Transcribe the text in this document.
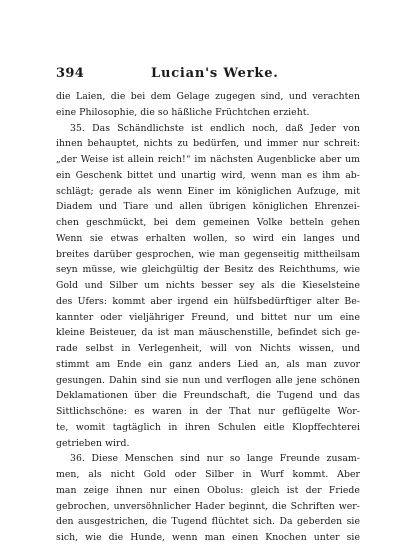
394	Lucian's Werke.
die Laien, die bei dem Gelage zugegen sind, und verachten
eine Philosophie, die so häßliche Früchtchen erzieht.
35. Das Schändlichste ist endlich noch, daß Jeder von
ihnen behauptet, nichts zu bedürfen, und immer nur schreit:
„der Weise ist allein reich!“ im nächsten Augenblicke aber um
ein Geschenk bittet und unartig wird, wenn man es ihm ab-
schlägt; gerade als wenn Einer im königlichen Aufzuge, mit
Diadem und Tiare und allen übrigen königlichen Ehrenzei-
chen geschmückt, bei dem gemeinen Volke betteln gehen
Wenn sie etwas erhalten wollen, so wird ein langes und
breites darüber gesprochen, wie man gegenseitig mittheilsam
seyn müsse, wie gleichgültig der Besitz des Reichthums, wie
Gold und Silber um nichts besser sey als die Kieselsteine
des Ufers: kommt aber irgend ein hülfsbedürftiger alter Be-
kannter oder vieljähriger Freund, und bittet nur um eine
kleine Beisteuer, da ist man mäuschenstille, befindet sich ge-
rade selbst in Verlegenheit, will von Nichts wissen, und
stimmt am Ende ein ganz anders Lied an, als man zuvor
gesungen. Dahin sind sie nun und verflogen alle jene schönen
Deklamationen über die Freundschaft, die Tugend und das
Sittlichschöne: es waren in der That nur geflügelte Wor-
te, womit tagtäglich in ihren Schulen eitle Klopffechterei
getrieben wird.
36. Diese Menschen sind nur so lange Freunde zusam-
men, als nicht Gold oder Silber in Wurf kommt. Aber
man zeige ihnen nur einen Obolus: gleich ist der Friede
gebrochen, unversöhnlicher Hader beginnt, die Schriften wer-
den ausgestrichen, die Tugend flüchtet sich. Da geberden sie
sich, wie die Hunde, wenn man einen Knochen unter sie
